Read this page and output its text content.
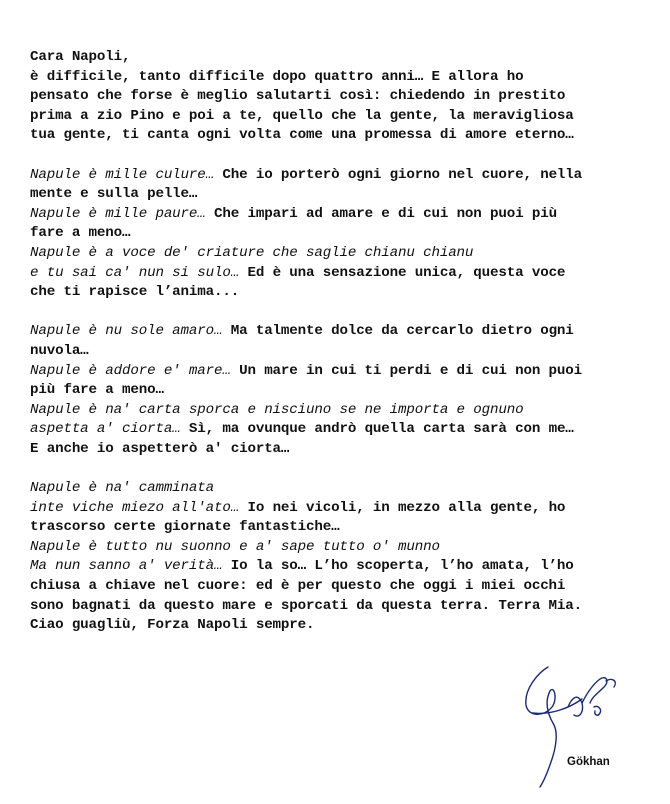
Cara Napoli,
è difficile, tanto difficile dopo quattro anni… E allora ho
pensato che forse è meglio salutarti così: chiedendo in prestito
prima a zio Pino e poi a te, quello che la gente, la meravigliosa
tua gente, ti canta ogni volta come una promessa di amore eterno…
Napule è mille culure… Che io porterò ogni giorno nel cuore, nella
mente e sulla pelle…
Napule è mille paure… Che impari ad amare e di cui non puoi più
fare a meno…
Napule è a voce de' criature che saglie chianu chianu
e tu sai ca' nun si sulo… Ed è una sensazione unica, questa voce
che ti rapisce l’anima...
Napule è nu sole amaro… Ma talmente dolce da cercarlo dietro ogni
nuvola…
Napule è addore e' mare… Un mare in cui ti perdi e di cui non puoi
più fare a meno…
Napule è na' carta sporca e nisciuno se ne importa e ognuno
aspetta a' ciorta… Sì, ma ovunque andrò quella carta sarà con me…
E anche io aspetterò a' ciorta…
Napule è na' camminata
inte viche miezo all'ato… Io nei vicoli, in mezzo alla gente, ho
trascorso certe giornate fantastiche…
Napule è tutto nu suonno e a' sape tutto o' munno
Ma nun sanno a' verità… Io la so… L’ho scoperta, l’ho amata, l’ho
chiusa a chiave nel cuore: ed è per questo che oggi i miei occhi
sono bagnati da questo mare e sporcati da questa terra. Terra Mia.
Ciao guagliù, Forza Napoli sempre.
Gökhan
